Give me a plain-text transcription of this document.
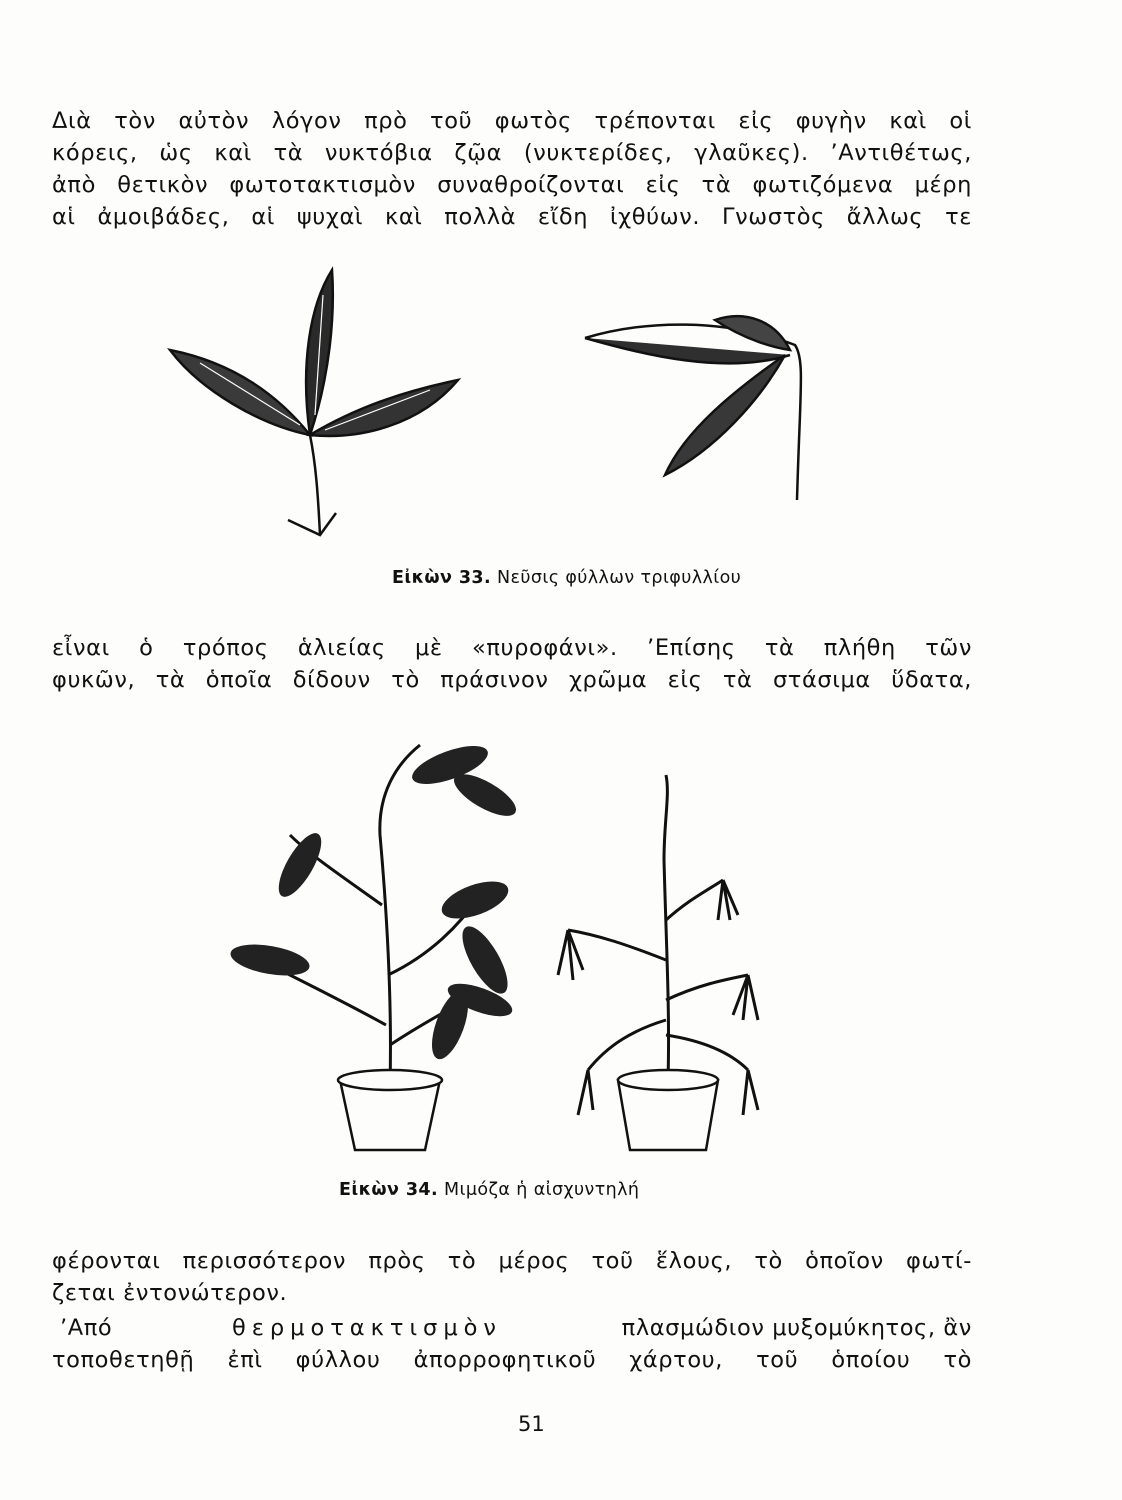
Διὰ τὸν αὐτὸν λόγον πρὸ τοῦ φωτὸς τρέπονται εἰς φυγὴν καὶ οἱ
κόρεις, ὡς καὶ τὰ νυκτόβια ζῷα (νυκτερίδες, γλαῦκες). ’Αντιθέτως,
ἀπὸ θετικὸν φωτοτακτισμὸν συναθροίζονται εἰς τὰ φωτιζόμενα μέρη
αἱ ἀμοιβάδες, αἱ ψυχαὶ καὶ πολλὰ εἴδη ἰχθύων. Γνωστὸς ἄλλως τε

Εἰκὼν 33. Νεῦσις φύλλων τριφυλλίου

εἶναι ὁ τρόπος ἁλιείας μὲ «πυροφάνι». ’Επίσης τὰ πλήθη τῶν
φυκῶν, τὰ ὁποῖα δίδουν τὸ πράσινον χρῶμα εἰς τὰ στάσιμα ὕδατα,

Εἰκὼν 34. Μιμόζα ἡ αἰσχυντηλή

φέρονται περισσότερον πρὸς τὸ μέρος τοῦ ἕλους, τὸ ὁποῖον φωτί-
ζεται ἐντονώτερον.

’Από	θερμοτακτισμὸν	πλασμώδιον μυξομύκητος, ἂν

τοποθετηθῇ ἐπὶ φύλλου ἀπορροφητικοῦ χάρτου, τοῦ ὁποίου τὸ

51
